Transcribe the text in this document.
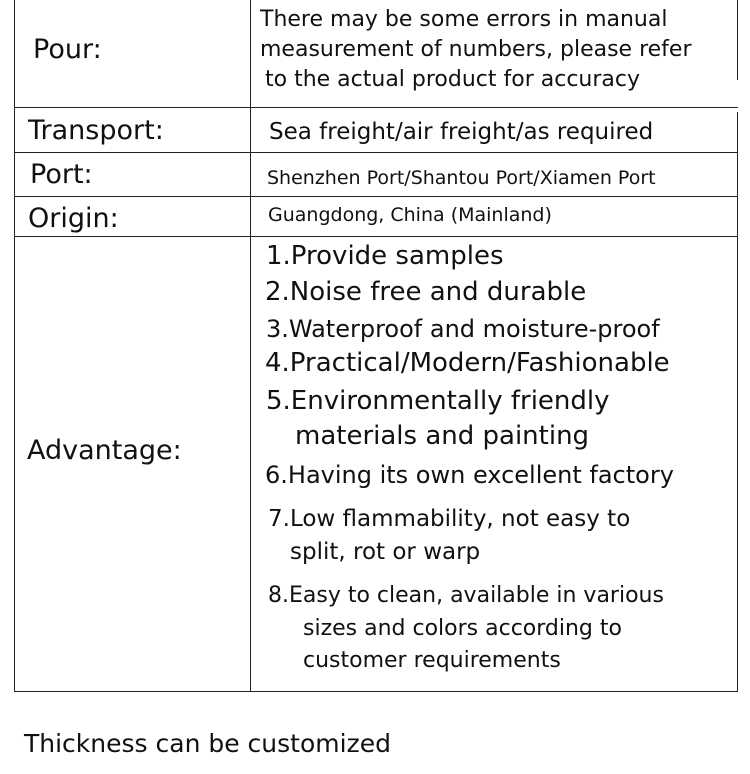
Pour:
There may be some errors in manual
measurement of numbers, please refer
to the actual product for accuracy
Transport:	Sea freight/air freight/as required
Port:	Shenzhen Port/Shantou Port/Xiamen Port
Origin:	Guangdong, China (Mainland)
Advantage:
1.Provide samples
2.Noise free and durable
3.Waterproof and moisture-proof
4.Practical/Modern/Fashionable
5.Environmentally friendly
materials and painting
6.Having its own excellent factory
7.Low flammability, not easy to
split, rot or warp
8.Easy to clean, available in various
sizes and colors according to
customer requirements
Thickness can be customized
